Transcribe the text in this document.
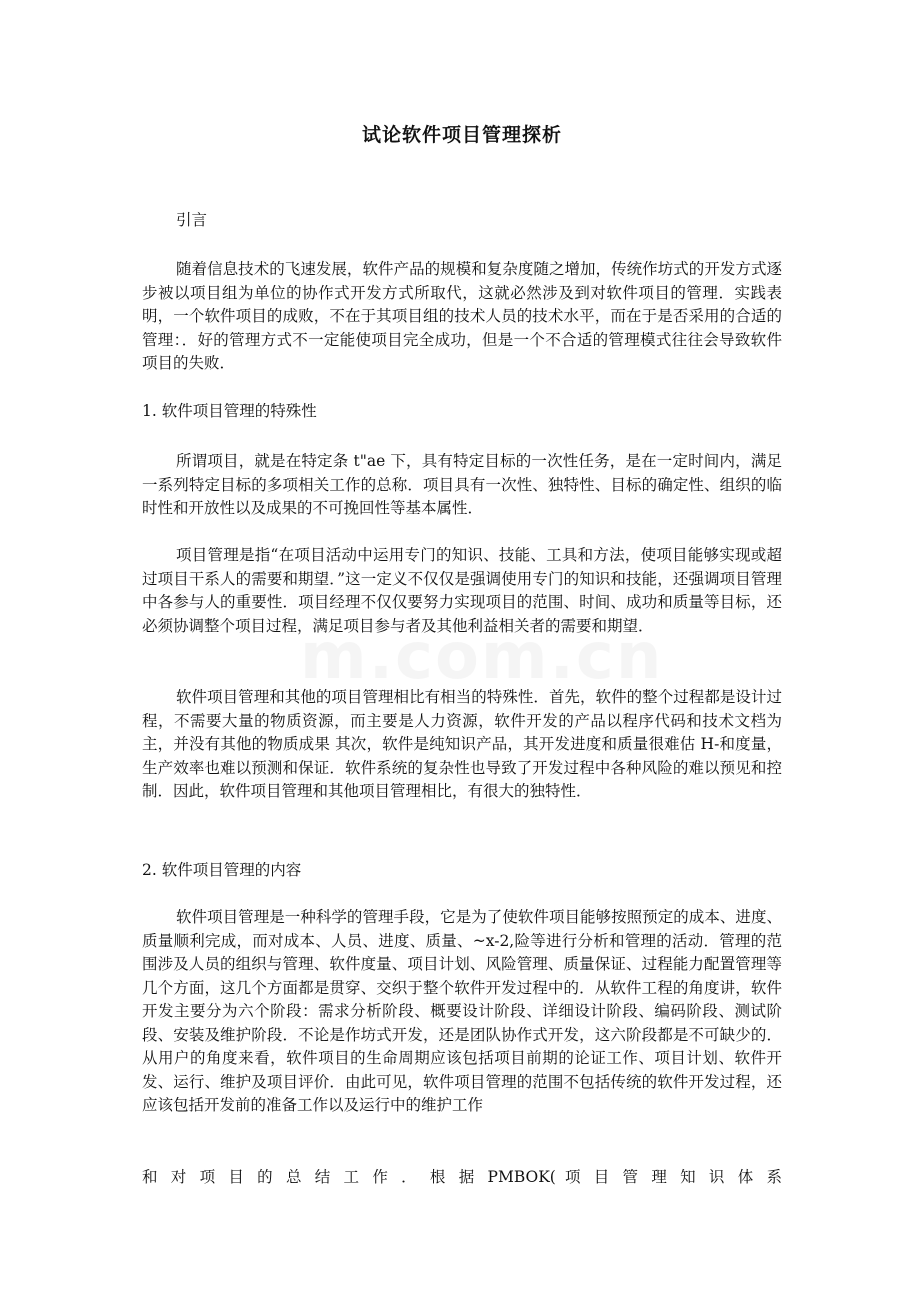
试论软件项目管理探析
引言
随着信息技术的飞速发展，软件产品的规模和复杂度随之增加，传统作坊式的开发方式逐步被以项目组为单位的协作式开发方式所取代，这就必然涉及到对软件项目的管理．实践表明，一个软件项目的成败，不在于其项目组的技术人员的技术水平，而在于是否采用的合适的管理：．好的管理方式不一定能使项目完全成功，但是一个不合适的管理模式往往会导致软件项目的失败．
1. 软件项目管理的特殊性
所谓项目，就是在特定条 t"ae 下，具有特定目标的一次性任务，是在一定时间内，满足一系列特定目标的多项相关工作的总称．项目具有一次性、独特性、目标的确定性、组织的临时性和开放性以及成果的不可挽回性等基本属性．
项目管理是指“在项目活动中运用专门的知识、技能、工具和方法，使项目能够实现或超过项目干系人的需要和期望．”这一定义不仅仅是强调使用专门的知识和技能，还强调项目管理中各参与人的重要性．项目经理不仅仅要努力实现项目的范围、时间、成功和质量等目标，还必须协调整个项目过程，满足项目参与者及其他利益相关者的需要和期望．
软件项目管理和其他的项目管理相比有相当的特殊性．首先，软件的整个过程都是设计过程，不需要大量的物质资源，而主要是人力资源，软件开发的产品以程序代码和技术文档为主，并没有其他的物质成果 其次，软件是纯知识产品，其开发进度和质量很难估 H-和度量，生产效率也难以预测和保证．软件系统的复杂性也导致了开发过程中各种风险的难以预见和控制．因此，软件项目管理和其他项目管理相比，有很大的独特性．
2. 软件项目管理的内容
软件项目管理是一种科学的管理手段，它是为了使软件项目能够按照预定的成本、进度、质量顺利完成，而对成本、人员、进度、质量、~x-2,险等进行分析和管理的活动．管理的范围涉及人员的组织与管理、软件度量、项目计划、风险管理、质量保证、过程能力配置管理等几个方面，这几个方面都是贯穿、交织于整个软件开发过程中的．从软件工程的角度讲，软件开发主要分为六个阶段：需求分析阶段、概要设计阶段、详细设计阶段、编码阶段、测试阶段、安装及维护阶段．不论是作坊式开发，还是团队协作式开发，这六阶段都是不可缺少的．从用户的角度来看，软件项目的生命周期应该包括项目前期的论证工作、项目计划、软件开发、运行、维护及项目评价．由此可见，软件项目管理的范围不包括传统的软件开发过程，还应该包括开发前的准备工作以及运行中的维护工作
和 对 项 目 的 总 结 工 作 ． 根 据 PMBOK( 项 目 管 理 知 识 体 系
